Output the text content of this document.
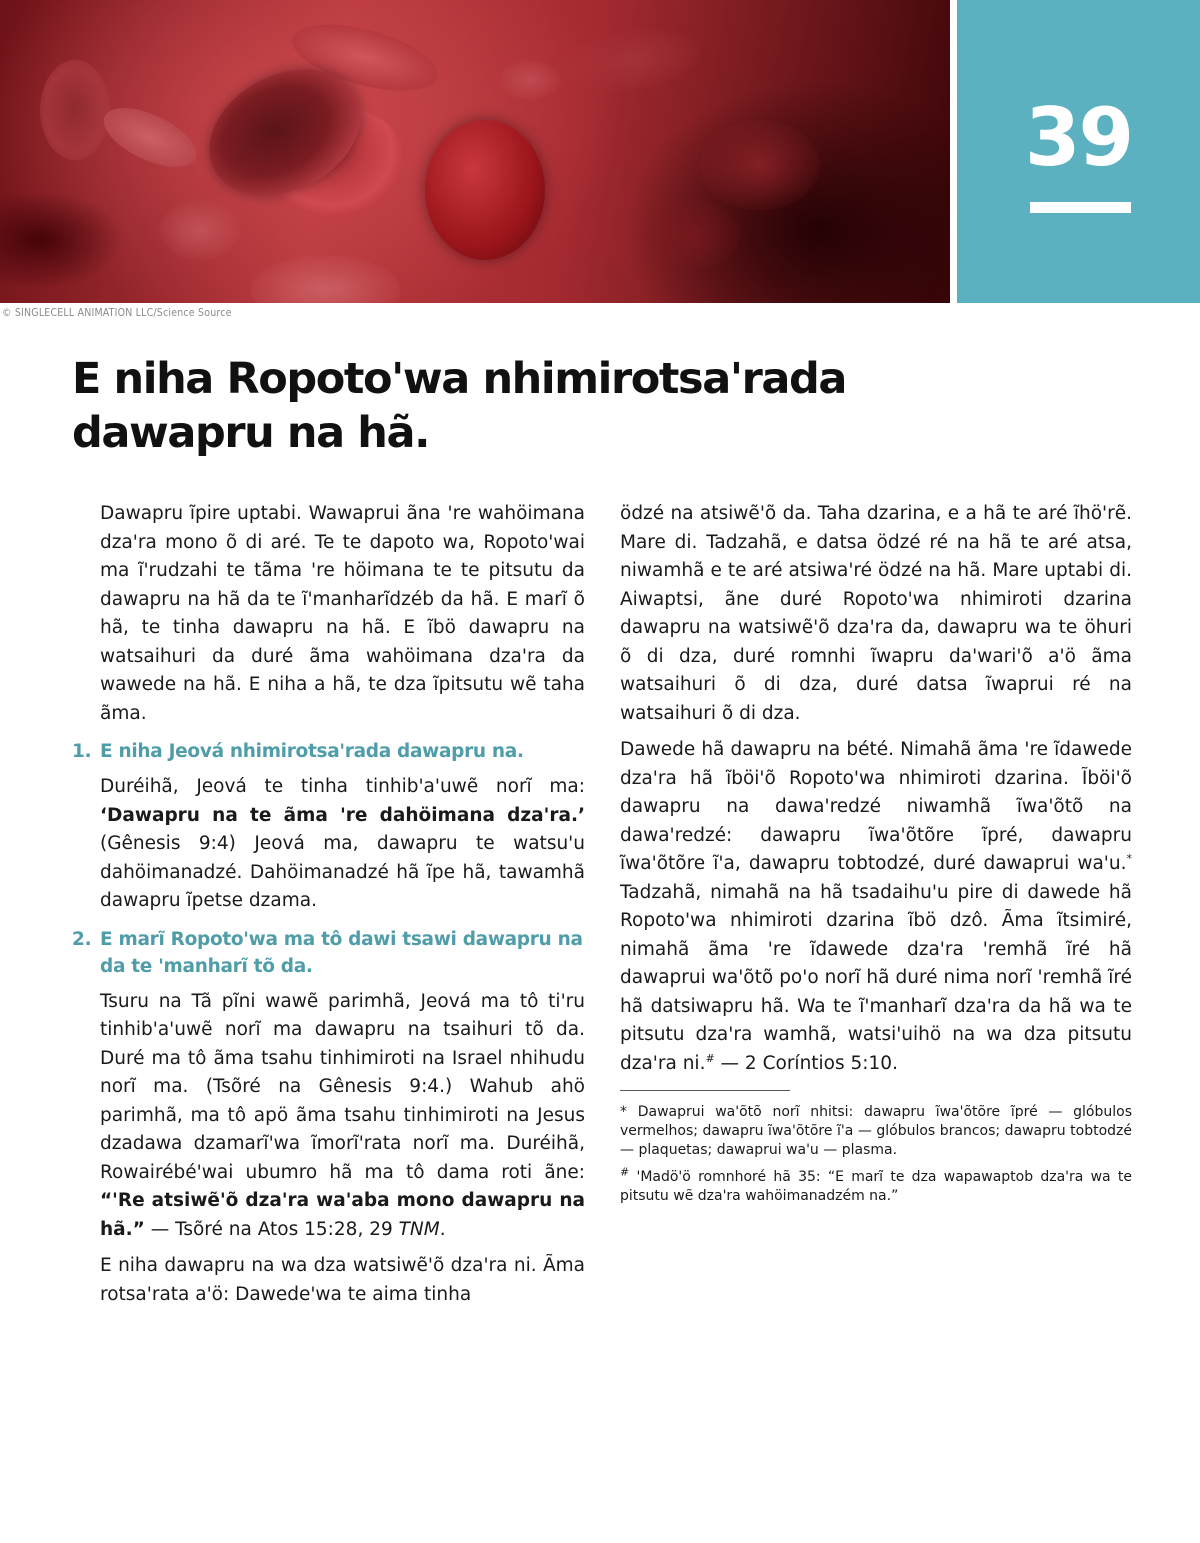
39
© SINGLECELL ANIMATION LLC/Science Source
E niha Ropoto'wa nhimirotsa'rada dawapru na hã.

Dawapru ĩpire uptabi. Wawaprui ãna 're wahöimana dza'ra mono õ di aré. Te te dapoto wa, Ropoto'wai ma ĩ'rudzahi te tãma 're höimana te te pitsutu da dawapru na hã da te ĩ'manharĩdzéb da hã. E marĩ õ hã, te tinha dawapru na hã. E ĩbö dawapru na watsaihuri da duré ãma wahöimana dza'ra da wawede na hã. E niha a hã, te dza ĩpitsutu wẽ taha ãma.

1. E niha Jeová nhimirotsa'rada dawapru na.

Duréihã, Jeová te tinha tinhib'a'uwẽ norĩ ma: ‘Dawapru na te ãma 're dahöimana dza'ra.’ (Gênesis 9:4) Jeová ma, dawapru te watsu'u dahöimanadzé. Dahöimanadzé hã ĩpe hã, tawamhã dawapru ĩpetse dzama.

2. E marĩ Ropoto'wa ma tô dawi tsawi dawapru na da te 'manharĩ tõ da.

Tsuru na Tã pĩni wawẽ parimhã, Jeová ma tô ti'ru tinhib'a'uwẽ norĩ ma dawapru na tsaihuri tõ da. Duré ma tô ãma tsahu tinhimiroti na Israel nhihudu norĩ ma. (Tsõré na Gênesis 9:4.) Wahub ahö parimhã, ma tô apö ãma tsahu tinhimiroti na Jesus dzadawa dzamarĩ'wa ĩmorĩ'rata norĩ ma. Duréihã, Rowairébé'wai ubumro hã ma tô dama roti ãne: “'Re atsiwẽ'õ dza'ra wa'aba mono dawapru na hã.” — Tsõré na Atos 15:28, 29 TNM.

E niha dawapru na wa dza watsiwẽ'õ dza'ra ni. Ãma rotsa'rata a'ö: Dawede'wa te aima tinha

ödzé na atsiwẽ'õ da. Taha dzarina, e a hã te aré ĩhö'rẽ. Mare di. Tadzahã, e datsa ödzé ré na hã te aré atsa, niwamhã e te aré atsiwa'ré ödzé na hã. Mare uptabi di. Aiwaptsi, ãne duré Ropoto'wa nhimiroti dzarina dawapru na watsiwẽ'õ dza'ra da, dawapru wa te öhuri õ di dza, duré romnhi ĩwapru da'wari'õ a'ö ãma watsaihuri õ di dza, duré datsa ĩwaprui ré na watsaihuri õ di dza.

Dawede hã dawapru na bété. Nimahã ãma 're ĩdawede dza'ra hã ĩböi'õ Ropoto'wa nhimiroti dzarina. Ĩböi'õ dawapru na dawa'redzé niwamhã ĩwa'õtõ na dawa'redzé: dawapru ĩwa'õtõre ĩpré, dawapru ĩwa'õtõre ĩ'a, dawapru tobtodzé, duré dawaprui wa'u.* Tadzahã, nimahã na hã tsadaihu'u pire di dawede hã Ropoto'wa nhimiroti dzarina ĩbö dzô. Ãma ĩtsimiré, nimahã ãma 're ĩdawede dza'ra 'remhã ĩré hã dawaprui wa'õtõ po'o norĩ hã duré nima norĩ 'remhã ĩré hã datsiwapru hã. Wa te ĩ'manharĩ dza'ra da hã wa te pitsutu dza'ra wamhã, watsi'uihö na wa dza pitsutu dza'ra ni.# — 2 Coríntios 5:10.

* Dawaprui wa'õtõ norĩ nhitsi: dawapru ĩwa'õtõre ĩpré — glóbulos vermelhos; dawapru ĩwa'õtõre ĩ'a — glóbulos brancos; dawapru tobtodzé — plaquetas; dawaprui wa'u — plasma.

# 'Madö'ö romnhoré hã 35: “E marĩ te dza wapawaptob dza'ra wa te pitsutu wẽ dza'ra wahöimanadzém na.”
